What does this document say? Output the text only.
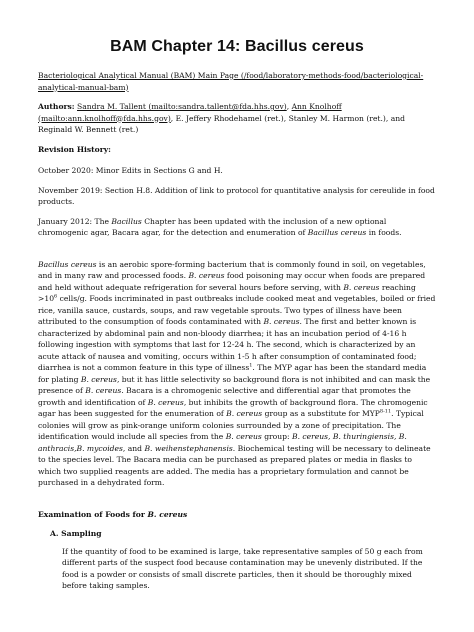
BAM Chapter 14: Bacillus cereus

Bacteriological Analytical Manual (BAM) Main Page (/food/laboratory-methods-food/bacteriological-analytical-manual-bam)

Authors: Sandra M. Tallent (mailto:sandra.tallent@fda.hhs.gov), Ann Knolhoff (mailto:ann.knolhoff@fda.hhs.gov), E. Jeffery Rhodehamel (ret.), Stanley M. Harmon (ret.), and Reginald W. Bennett (ret.)

Revision History:

October 2020: Minor Edits in Sections G and H.

November 2019: Section H.8. Addition of link to protocol for quantitative analysis for cereulide in food products.

January 2012: The Bacillus Chapter has been updated with the inclusion of a new optional chromogenic agar, Bacara agar, for the detection and enumeration of Bacillus cereus in foods.

Bacillus cereus is an aerobic spore-forming bacterium that is commonly found in soil, on vegetables, and in many raw and processed foods. B. cereus food poisoning may occur when foods are prepared and held without adequate refrigeration for several hours before serving, with B. cereus reaching $>10^6$ cells/g. Foods incriminated in past outbreaks include cooked meat and vegetables, boiled or fried rice, vanilla sauce, custards, soups, and raw vegetable sprouts. Two types of illness have been attributed to the consumption of foods contaminated with B. cereus. The first and better known is characterized by abdominal pain and non-bloody diarrhea; it has an incubation period of 4-16 h following ingestion with symptoms that last for 12-24 h. The second, which is characterized by an acute attack of nausea and vomiting, occurs within 1-5 h after consumption of contaminated food; diarrhea is not a common feature in this type of illness$^1$. The MYP agar has been the standard media for plating B. cereus, but it has little selectivity so background flora is not inhibited and can mask the presence of B. cereus. Bacara is a chromogenic selective and differential agar that promotes the growth and identification of B. cereus, but inhibits the growth of background flora. The chromogenic agar has been suggested for the enumeration of B. cereus group as a substitute for MYP$^{8-11}$. Typical colonies will grow as pink-orange uniform colonies surrounded by a zone of precipitation. The identification would include all species from the B. cereus group: B. cereus, B. thuringiensis, B. anthracis,B. mycoides, and B. weihenstephanensis. Biochemical testing will be necessary to delineate to the species level. The Bacara media can be purchased as prepared plates or media in flasks to which two supplied reagents are added. The media has a proprietary formulation and cannot be purchased in a dehydrated form.

Examination of Foods for B. cereus

A. Sampling

If the quantity of food to be examined is large, take representative samples of 50 g each from different parts of the suspect food because contamination may be unevenly distributed. If the food is a powder or consists of small discrete particles, then it should be thoroughly mixed before taking samples.
